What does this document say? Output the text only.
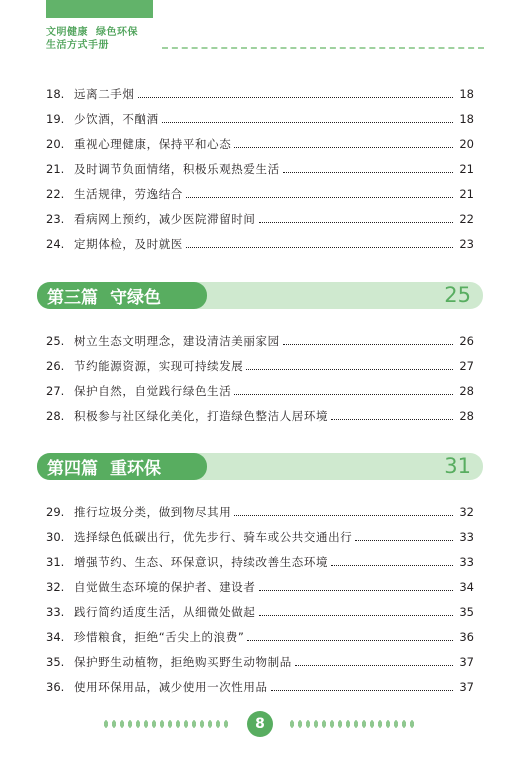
文明健康 绿色环保
生活方式手册
18. 远离二手烟	18
19. 少饮酒，不酗酒	18
20. 重视心理健康，保持平和心态	20
21. 及时调节负面情绪，积极乐观热爱生活	21
22. 生活规律，劳逸结合	21
23. 看病网上预约，减少医院滞留时间	22
24. 定期体检，及时就医	23
第三篇 守绿色	25
25. 树立生态文明理念，建设清洁美丽家园	26
26. 节约能源资源，实现可持续发展	27
27. 保护自然，自觉践行绿色生活	28
28. 积极参与社区绿化美化，打造绿色整洁人居环境	28
第四篇 重环保	31
29. 推行垃圾分类，做到物尽其用	32
30. 选择绿色低碳出行，优先步行、骑车或公共交通出行	33
31. 增强节约、生态、环保意识，持续改善生态环境	33
32. 自觉做生态环境的保护者、建设者	34
33. 践行简约适度生活，从细微处做起	35
34. 珍惜粮食，拒绝“舌尖上的浪费”	36
35. 保护野生动植物，拒绝购买野生动物制品	37
36. 使用环保用品，减少使用一次性用品	37
8
